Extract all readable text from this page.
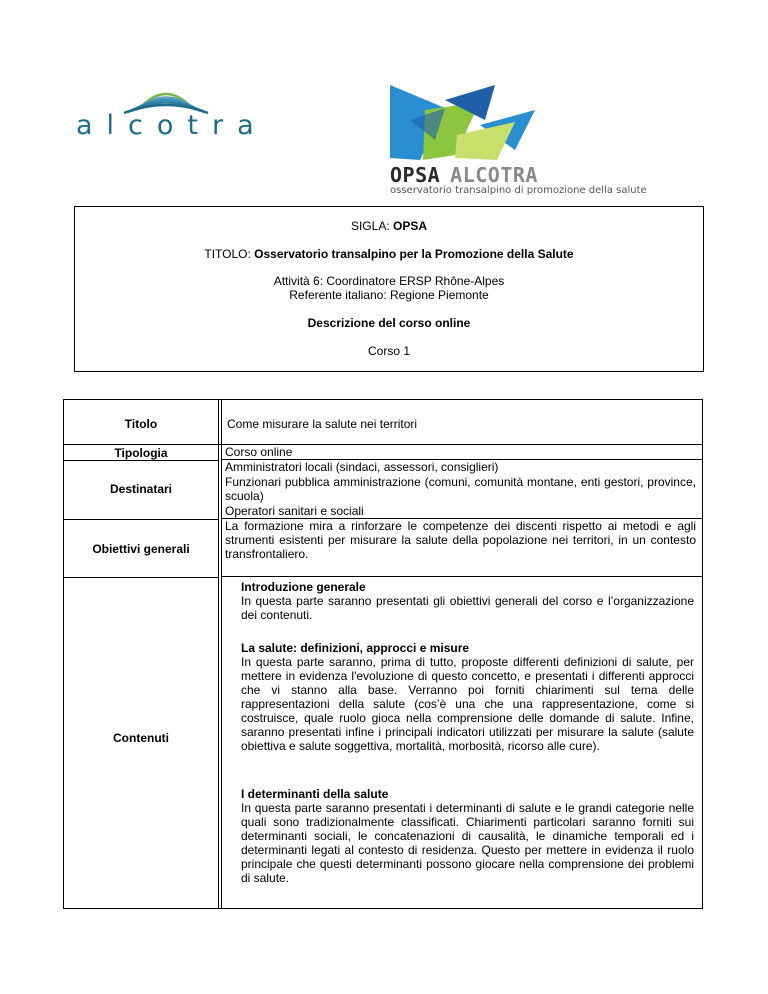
alcotra
OPSA ALCOTRA
osservatorio transalpino di promozione della salute
SIGLA: OPSA
TITOLO: Osservatorio transalpino per la Promozione della Salute
Attività 6: Coordinatore ERSP Rhône-Alpes
Referente italiano: Regione Piemonte
Descrizione del corso online
Corso 1
Titolo	Come misurare la salute nei territori
Tipologia	Corso online
Destinatari
Amministratori locali (sindaci, assessori, consiglieri)
Funzionari pubblica amministrazione (comuni, comunità montane, enti gestori, province, scuola)
Operatori sanitari e sociali
Obiettivi generali
La formazione mira a rinforzare le competenze dei discenti rispetto ai metodi e agli strumenti esistenti per misurare la salute della popolazione nei territori, in un contesto transfrontaliero.
Contenuti
Introduzione generale
In questa parte saranno presentati gli obiettivi generali del corso e l’organizzazione dei contenuti.
La salute: definizioni, approcci e misure
In questa parte saranno, prima di tutto, proposte differenti definizioni di salute, per mettere in evidenza l'evoluzione di questo concetto, e presentati i differenti approcci che vi stanno alla base. Verranno poi forniti chiarimenti sul tema delle rappresentazioni della salute (cos’è una che una rappresentazione, come si costruisce, quale ruolo gioca nella comprensione delle domande di salute. Infine, saranno presentati infine i principali indicatori utilizzati per misurare la salute (salute obiettiva e salute soggettiva, mortalità, morbosità, ricorso alle cure).
I determinanti della salute
In questa parte saranno presentati i determinanti di salute e le grandi categorie nelle quali sono tradizionalmente classificati. Chiarimenti particolari saranno forniti sui determinanti sociali, le concatenazioni di causalità, le dinamiche temporali ed i determinanti legati al contesto di residenza. Questo per mettere in evidenza il ruolo principale che questi determinanti possono giocare nella comprensione dei problemi di salute.
